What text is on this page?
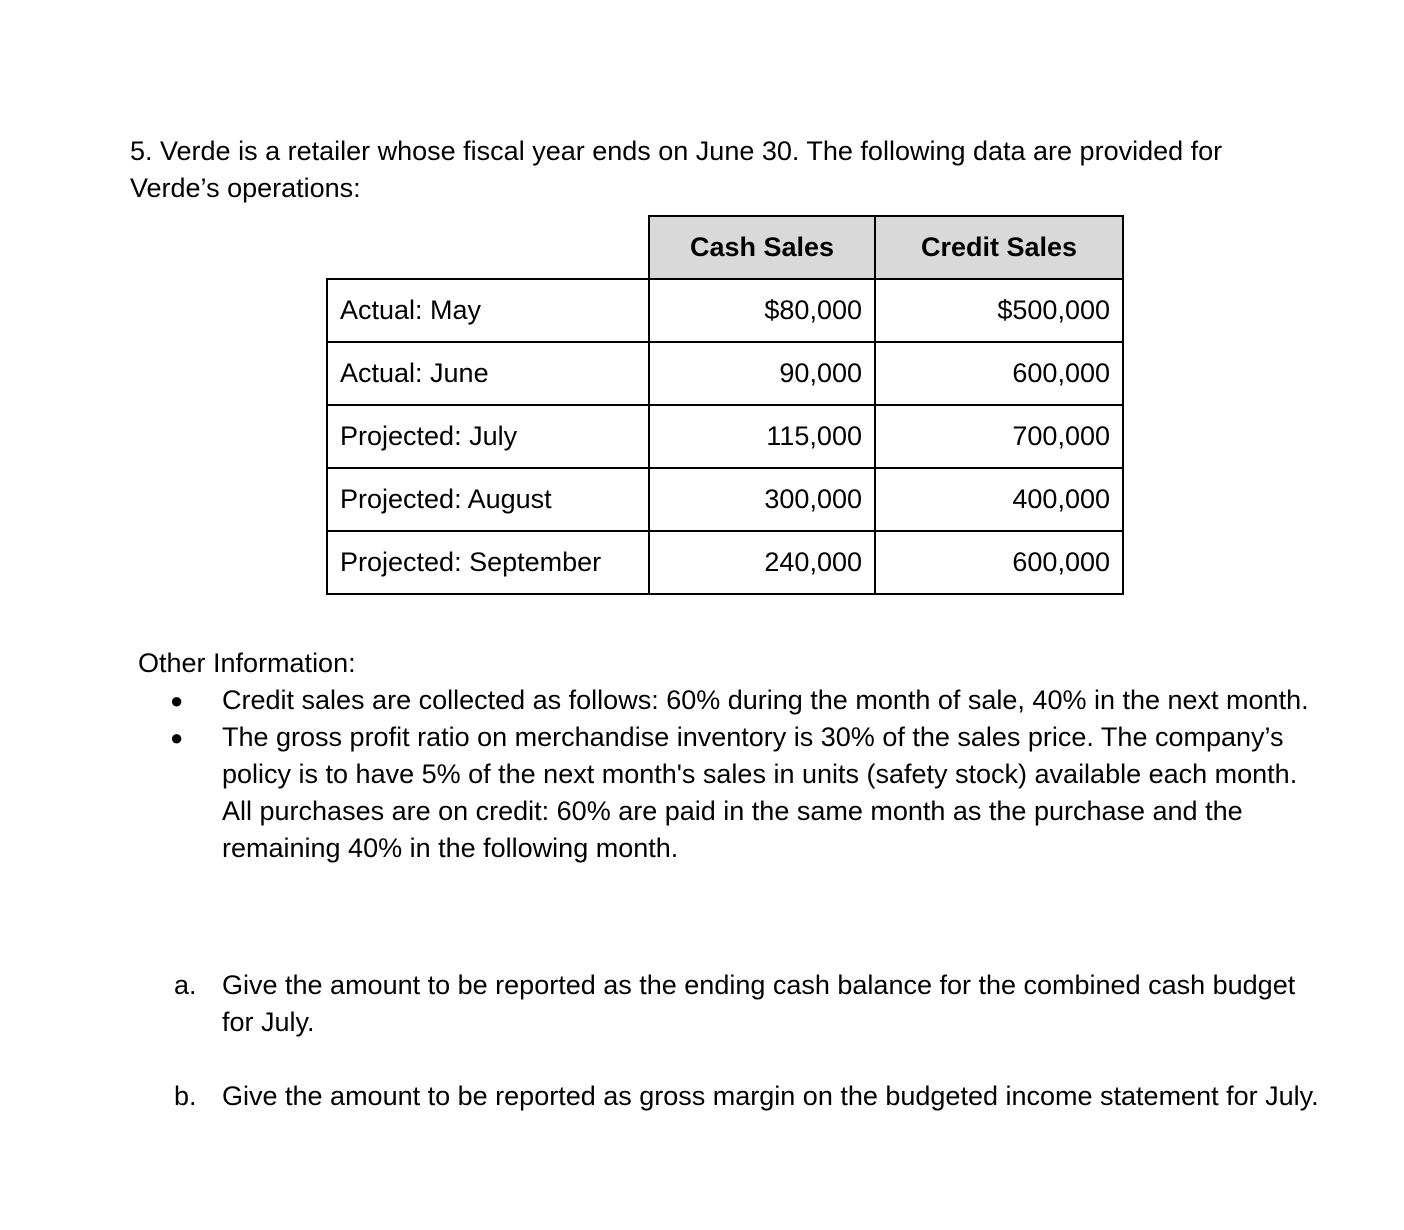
5. Verde is a retailer whose fiscal year ends on June 30. The following data are provided for Verde’s operations:

	Cash Sales	Credit Sales
Actual: May	$80,000	$500,000
Actual: June	90,000	600,000
Projected: July	115,000	700,000
Projected: August	300,000	400,000
Projected: September	240,000	600,000

Other Information:

● Credit sales are collected as follows: 60% during the month of sale, 40% in the next month.
● The gross profit ratio on merchandise inventory is 30% of the sales price. The company’s policy is to have 5% of the next month's sales in units (safety stock) available each month. All purchases are on credit: 60% are paid in the same month as the purchase and the remaining 40% in the following month.
a. Give the amount to be reported as the ending cash balance for the combined cash budget for July.
b. Give the amount to be reported as gross margin on the budgeted income statement for July.
